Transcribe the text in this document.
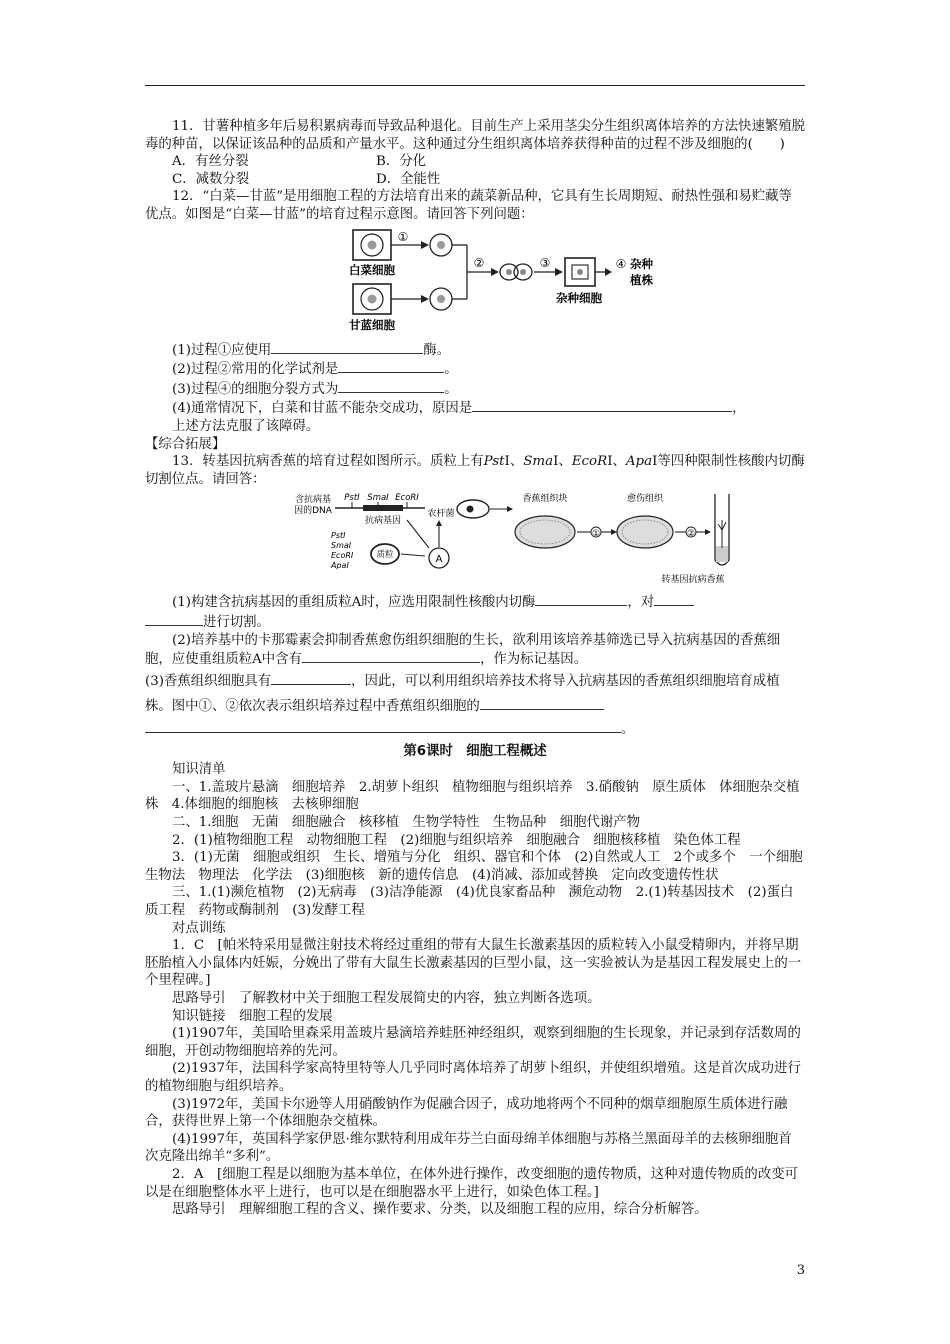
11．甘薯种植多年后易积累病毒而导致品种退化。目前生产上采用茎尖分生组织离体培养的方法快速繁殖脱毒的种苗，以保证该品种的品质和产量水平。这种通过分生组织离体培养获得种苗的过程不涉及细胞的(　　)

A．有丝分裂	B．分化
C．减数分裂	D．全能性

12．“白菜—甘蓝”是用细胞工程的方法培育出来的蔬菜新品种，它具有生长周期短、耐热性强和易贮藏等优点。如图是“白菜—甘蓝”的培育过程示意图。请回答下列问题：

①
白菜细胞
甘蓝细胞
②	③
杂种细胞
④ 杂种
植株

(1)过程①应使用	酶。

(2)过程②常用的化学试剂是	。

(3)过程④的细胞分裂方式为	。

(4)通常情况下，白菜和甘蓝不能杂交成功，原因是	，

上述方法克服了该障碍。

【综合拓展】

13．转基因抗病香蕉的培育过程如图所示。质粒上有PstⅠ、SmaⅠ、EcoRⅠ、ApaⅠ等四种限制性核酸内切酶切割位点。请回答：

含抗病基
因的DNA
PstⅠ SmaⅠ EcoRⅠ
抗病基因
PstⅠ
SmaⅠ
EcoRⅠ
ApaⅠ
质粒	A
农杆菌
香蕉组织块
①
愈伤组织
②
转基因抗病香蕉

(1)构建含抗病基因的重组质粒A时，应选用限制性核酸内切酶	，对

进行切割。

(2)培养基中的卡那霉素会抑制香蕉愈伤组织细胞的生长，欲利用该培养基筛选已导入抗病基因的香蕉细胞，应使重组质粒A中含有	，作为标记基因。

(3)香蕉组织细胞具有	，因此，可以利用组织培养技术将导入抗病基因的香蕉组织细胞培育成植株。图中①、②依次表示组织培养过程中香蕉组织细胞的

。

第6课时　细胞工程概述

知识清单

一、1.盖玻片悬滴　细胞培养　2.胡萝卜组织　植物细胞与组织培养　3.硝酸钠　原生质体　体细胞杂交植株　4.体细胞的细胞核　去核卵细胞

二、1.细胞　无菌　细胞融合　核移植　生物学特性　生物品种　细胞代谢产物

2．(1)植物细胞工程　动物细胞工程　(2)细胞与组织培养　细胞融合　细胞核移植　染色体工程

3．(1)无菌　细胞或组织　生长、增殖与分化　组织、器官和个体　(2)自然或人工　2个或多个　一个细胞　生物法　物理法　化学法　(3)细胞核　新的遗传信息　(4)消减、添加或替换　定向改变遗传性状

三、1.(1)濒危植物　(2)无病毒　(3)洁净能源　(4)优良家畜品种　濒危动物　2.(1)转基因技术　(2)蛋白质工程　药物或酶制剂　(3)发酵工程

对点训练

1．C　[帕米特采用显微注射技术将经过重组的带有大鼠生长激素基因的质粒转入小鼠受精卵内，并将早期胚胎植入小鼠体内妊娠，分娩出了带有大鼠生长激素基因的巨型小鼠，这一实验被认为是基因工程发展史上的一个里程碑。]

思路导引　了解教材中关于细胞工程发展简史的内容，独立判断各选项。

知识链接　细胞工程的发展

(1)1907年，美国哈里森采用盖玻片悬滴培养蛙胚神经组织，观察到细胞的生长现象，并记录到存活数周的细胞，开创动物细胞培养的先河。

(2)1937年，法国科学家高特里特等人几乎同时离体培养了胡萝卜组织，并使组织增殖。这是首次成功进行的植物细胞与组织培养。

(3)1972年，美国卡尔逊等人用硝酸钠作为促融合因子，成功地将两个不同种的烟草细胞原生质体进行融合，获得世界上第一个体细胞杂交植株。

(4)1997年，英国科学家伊恩·维尔默特利用成年芬兰白面母绵羊体细胞与苏格兰黑面母羊的去核卵细胞首次克隆出绵羊“多利”。

2．A　[细胞工程是以细胞为基本单位，在体外进行操作，改变细胞的遗传物质，这种对遗传物质的改变可以是在细胞整体水平上进行，也可以是在细胞器水平上进行，如染色体工程。]

思路导引　理解细胞工程的含义、操作要求、分类，以及细胞工程的应用，综合分析解答。

3
